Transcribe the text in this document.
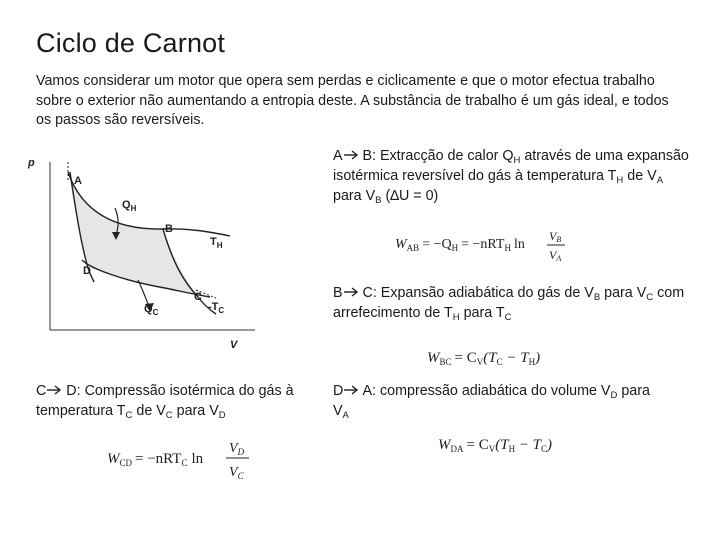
Ciclo de Carnot
Vamos considerar um motor que opera sem perdas e ciclicamente e que o motor efectua trabalho sobre o exterior não aumentando a entropia deste. A substância de trabalho é um gás ideal, e todos os passos são reversíveis.
p
V
A
B
C
D
$Q_H$
$T_H$
$Q_C$	$-T_C$
A B: Extracção de calor $Q_H$ através de uma expansão isotérmica reversível do gás à temperatura $T_H$ de $V_A$ para $V_B$ (∆U = 0)
$W_{AB} = -Q_H = -nRT_H$ ln
VB
VA
B C: Expansão adiabática do gás de $V_B$ para $V_C$ com arrefecimento de $T_H$ para $T_C$
$W_{BC} = C_V(T_C - T_H)$
C D: Compressão isotérmica do gás à temperatura $T_C$ de $V_C$ para $V_D$
$W_{CD} = -nRT_C$ ln
$V_D$
$V_C$
D A: compressão adiabática do volume $V_D$ para $V_A$
$W_{DA} = C_V(T_H - T_C)$
